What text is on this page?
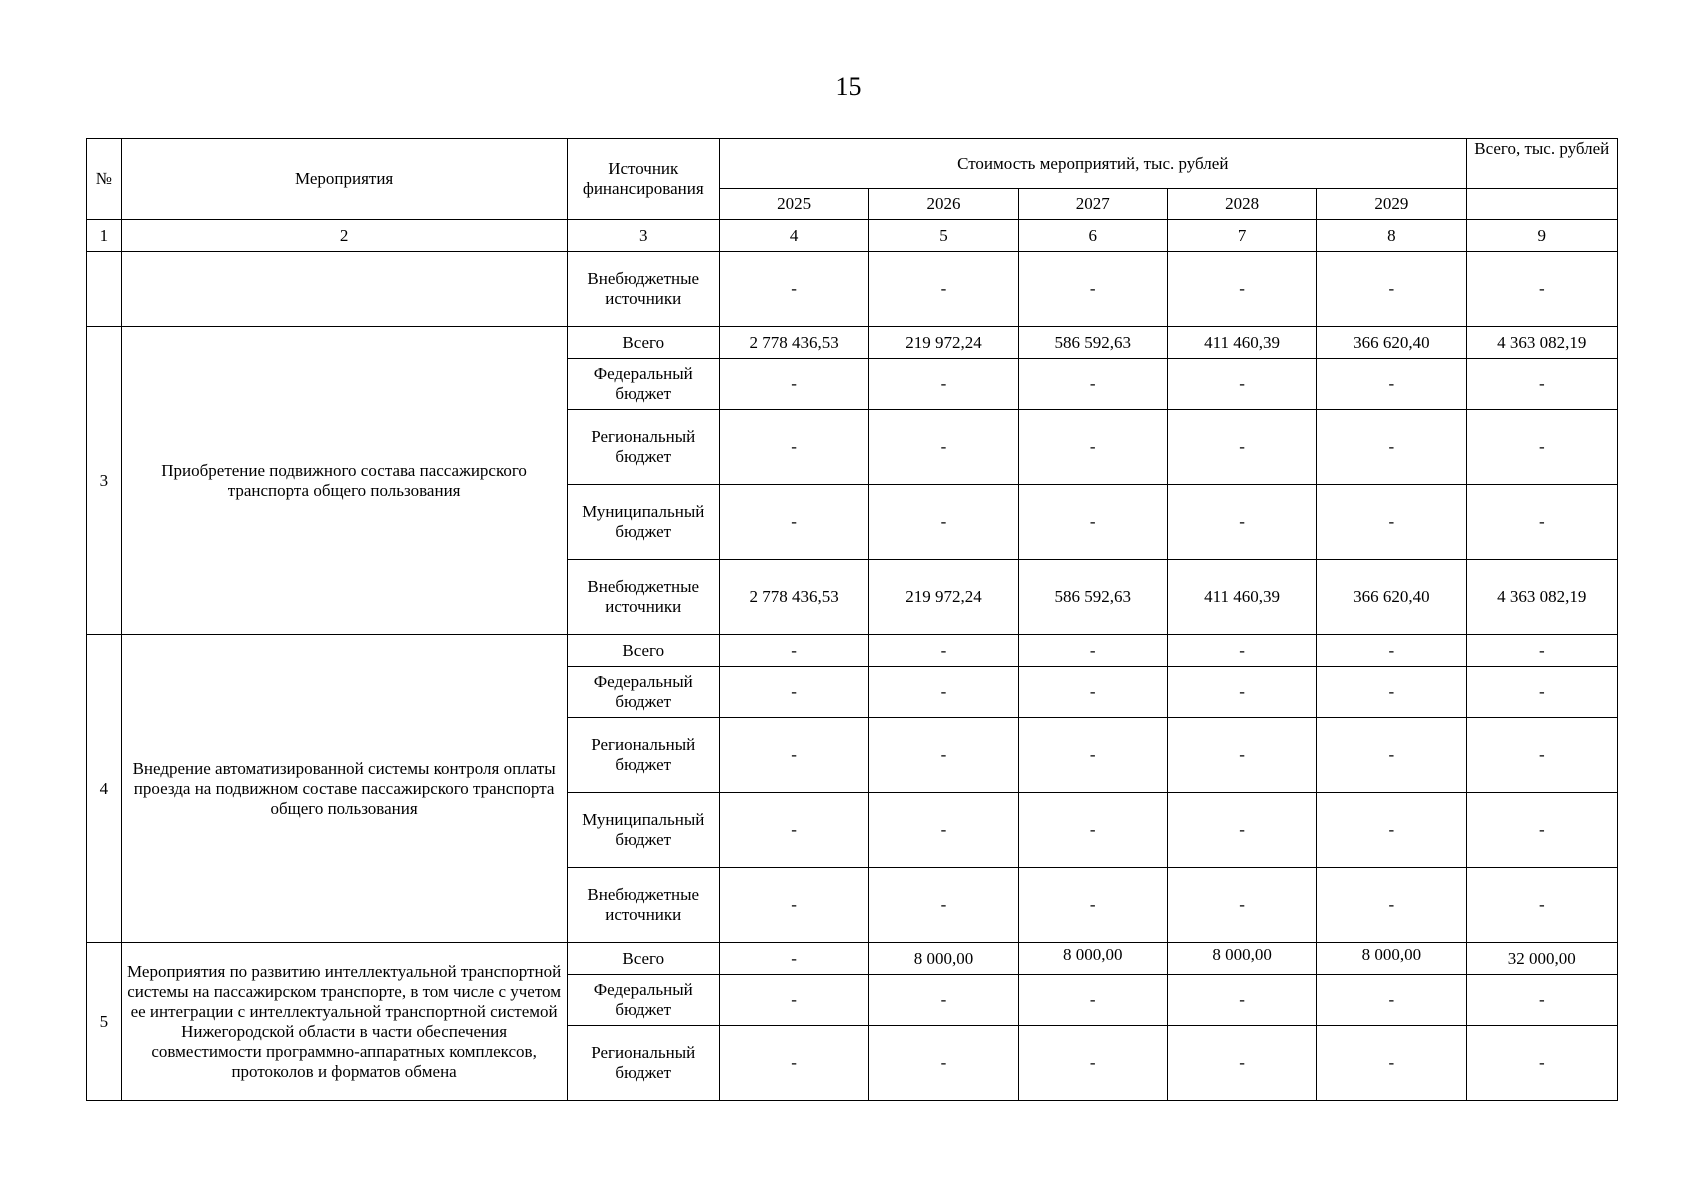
15
№	Мероприятия	Источник финансирования	Стоимость мероприятий, тыс. рублей					Всего, тыс. рублей
			2025	2026	2027	2028	2029	
1	2	3	4	5	6	7	8	9
		Внебюджетные источники	-	-	-	-	-	-
3	Приобретение подвижного состава пассажирского транспорта общего пользования	Всего	2 778 436,53	219 972,24	586 592,63	411 460,39	366 620,40	4 363 082,19
		Федеральный бюджет	-	-	-	-	-	-
		Региональный бюджет	-	-	-	-	-	-
		Муниципальный бюджет	-	-	-	-	-	-
		Внебюджетные источники	2 778 436,53	219 972,24	586 592,63	411 460,39	366 620,40	4 363 082,19
4	Внедрение автоматизированной системы контроля оплаты проезда на подвижном составе пассажирского транспорта общего пользования	Всего	-	-	-	-	-	-
		Федеральный бюджет	-	-	-	-	-	-
		Региональный бюджет	-	-	-	-	-	-
		Муниципальный бюджет	-	-	-	-	-	-
		Внебюджетные источники	-	-	-	-	-	-
5	Мероприятия по развитию интеллектуальной транспортной системы на пассажирском транспорте, в том числе с учетом ее интеграции с интеллектуальной транспортной системой Нижегородской области в части обеспечения совместимости программно-аппаратных комплексов, протоколов и форматов обмена	Всего	-	8 000,00	8 000,00	8 000,00	8 000,00	32 000,00
		Федеральный бюджет	-	-	-	-	-	-
		Региональный бюджет	-	-	-	-	-	-
